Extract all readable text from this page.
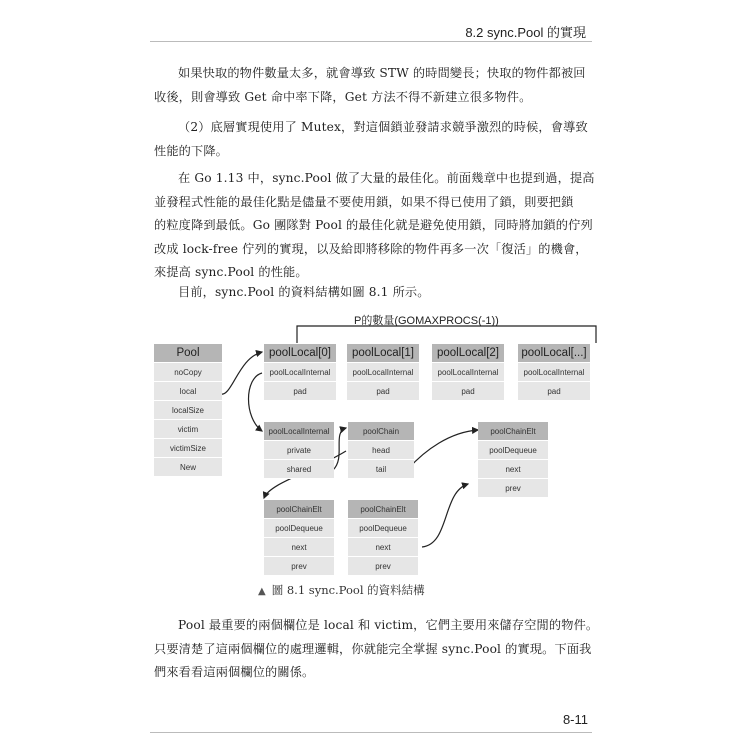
8.2 sync.Pool 的實現
如果快取的物件數量太多，就會導致 STW 的時間變長；快取的物件都被回
收後，則會導致 Get 命中率下降，Get 方法不得不新建立很多物件。
（2）底層實現使用了 Mutex，對這個鎖並發請求競爭激烈的時候，會導致
性能的下降。
在 Go 1.13 中，sync.Pool 做了大量的最佳化。前面幾章中也提到過，提高
並發程式性能的最佳化點是儘量不要使用鎖，如果不得已使用了鎖，則要把鎖
的粒度降到最低。Go 團隊對 Pool 的最佳化就是避免使用鎖，同時將加鎖的佇列
改成 lock-free 佇列的實現，以及給即將移除的物件再多一次「復活」的機會，
來提高 sync.Pool 的性能。
目前，sync.Pool 的資料結構如圖 8.1 所示。
P的數量(GOMAXPROCS(-1))
Pool
noCopy
local
localSize
victim
victimSize
New
poolLocal[0]
poolLocalInternal
pad
poolLocal[1]
poolLocalInternal
pad
poolLocal[2]
poolLocalInternal
pad
poolLocal[...]
poolLocalInternal
pad
poolLocalInternal
private
shared
poolChain
head
tail
poolChainElt
poolDequeue
next
prev
poolChainElt
poolDequeue
next
prev
poolChainElt
poolDequeue
next
prev
▲ 圖 8.1 sync.Pool 的資料結構
Pool 最重要的兩個欄位是 local 和 victim，它們主要用來儲存空閒的物件。
只要清楚了這兩個欄位的處理邏輯，你就能完全掌握 sync.Pool 的實現。下面我
們來看看這兩個欄位的關係。
8-11
